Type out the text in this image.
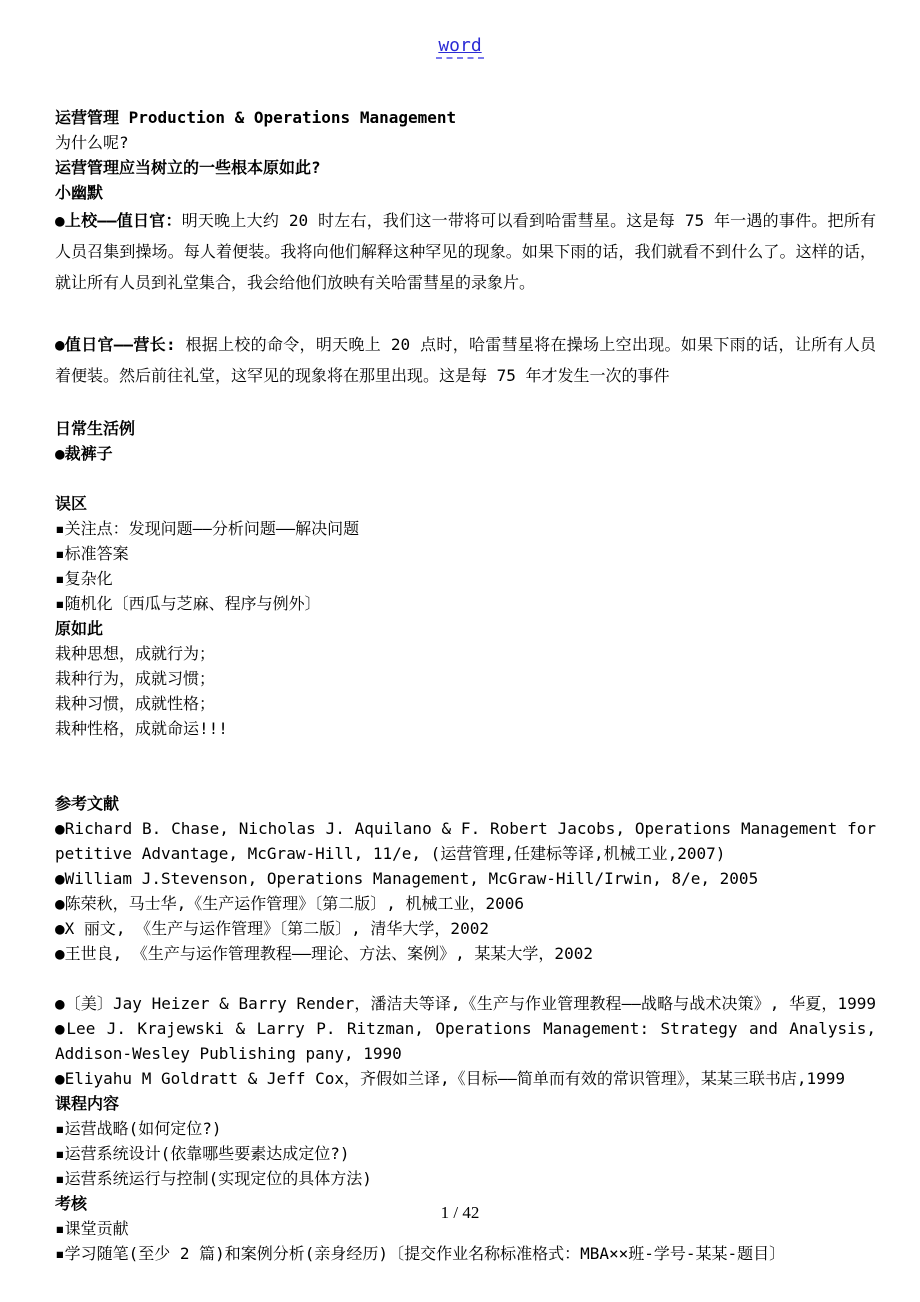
word

运营管理 Production & Operations Management

为什么呢?

运营管理应当树立的一些根本原如此?

小幽默

●上校——值日官：明天晚上大约 20 时左右，我们这一带将可以看到哈雷彗星。这是每 75 年一遇的事件。把所有人员召集到操场。每人着便装。我将向他们解释这种罕见的现象。如果下雨的话，我们就看不到什么了。这样的话，就让所有人员到礼堂集合，我会给他们放映有关哈雷彗星的录象片。

●值日官——营长: 根据上校的命令，明天晚上 20 点时，哈雷彗星将在操场上空出现。如果下雨的话，让所有人员着便装。然后前往礼堂，这罕见的现象将在那里出现。这是每 75 年才发生一次的事件

日常生活例

●裁裤子

误区

▪关注点：发现问题——分析问题——解决问题

▪标准答案

▪复杂化

▪随机化〔西瓜与芝麻、程序与例外〕

原如此

栽种思想，成就行为；

栽种行为，成就习惯；

栽种习惯，成就性格；

栽种性格，成就命运!!!

参考文献

●Richard B. Chase, Nicholas J. Aquilano & F. Robert Jacobs, Operations Management for petitive Advantage, McGraw-Hill, 11/e, (运营管理,任建标等译,机械工业,2007)

●William J.Stevenson, Operations Management, McGraw-Hill/Irwin, 8/e, 2005

●陈荣秋，马士华,《生产运作管理》〔第二版〕, 机械工业，2006

●X 丽文, 《生产与运作管理》〔第二版〕, 清华大学，2002

●王世良, 《生产与运作管理教程——理论、方法、案例》, 某某大学，2002

●〔美〕Jay Heizer & Barry Render，潘洁夫等译,《生产与作业管理教程——战略与战术决策》, 华夏，1999

●Lee J. Krajewski & Larry P. Ritzman, Operations Management: Strategy and Analysis, Addison-Wesley Publishing pany, 1990

●Eliyahu M Goldratt & Jeff Cox，齐假如兰译,《目标——简单而有效的常识管理》，某某三联书店,1999

课程内容

▪运营战略(如何定位?)

▪运营系统设计(依靠哪些要素达成定位?)

▪运营系统运行与控制(实现定位的具体方法)

考核

▪课堂贡献

▪学习随笔(至少 2 篇)和案例分析(亲身经历)〔提交作业名称标准格式：MBA××班-学号-某某-题目〕

1 / 42
